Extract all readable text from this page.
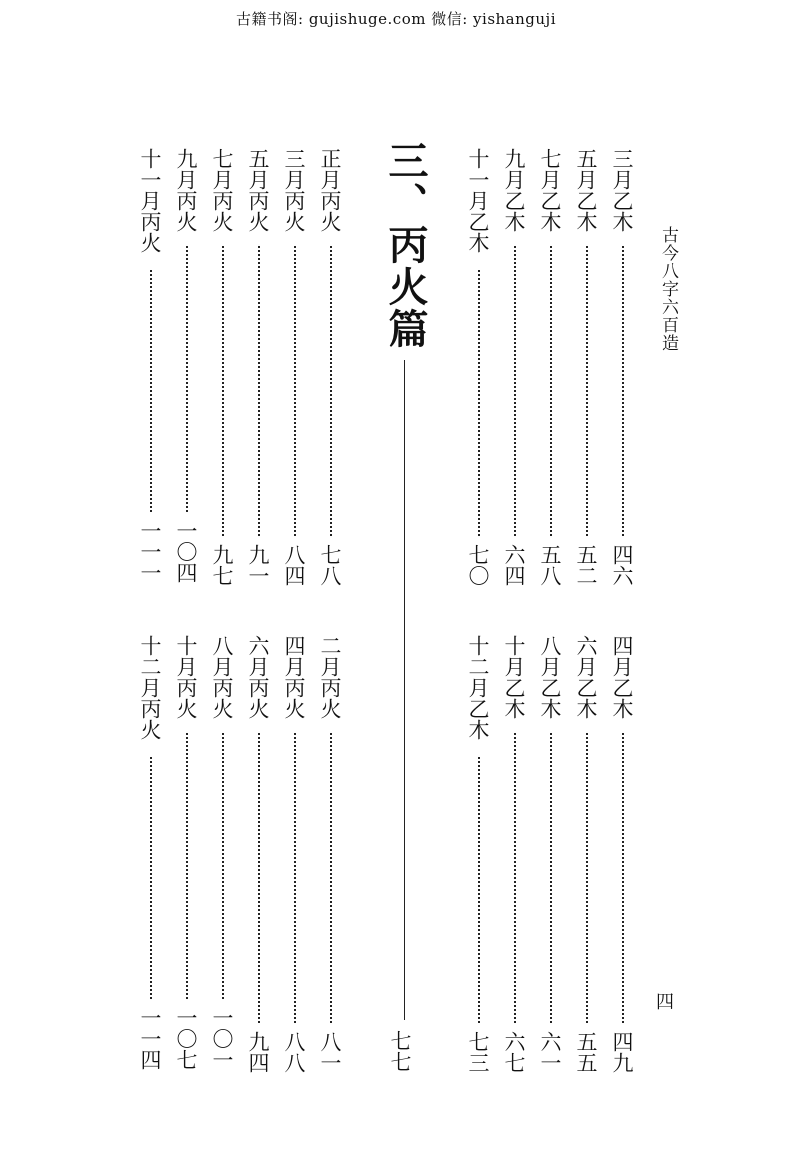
古籍书阁: gujishuge.com 微信: yishanguji
古今八字六百造
四
三、丙火篇
七七
三月乙木
四六
五月乙木
五二
七月乙木
五八
九月乙木
六四
十一月乙木
七〇
四月乙木
四九
六月乙木
五五
八月乙木
六一
十月乙木
六七
十二月乙木
七三
正月丙火
七八
三月丙火
八四
五月丙火
九一
七月丙火
九七
九月丙火
一〇四
十一月丙火
一一一
二月丙火
八一
四月丙火
八八
六月丙火
九四
八月丙火
一〇一
十月丙火
一〇七
十二月丙火
一一四
